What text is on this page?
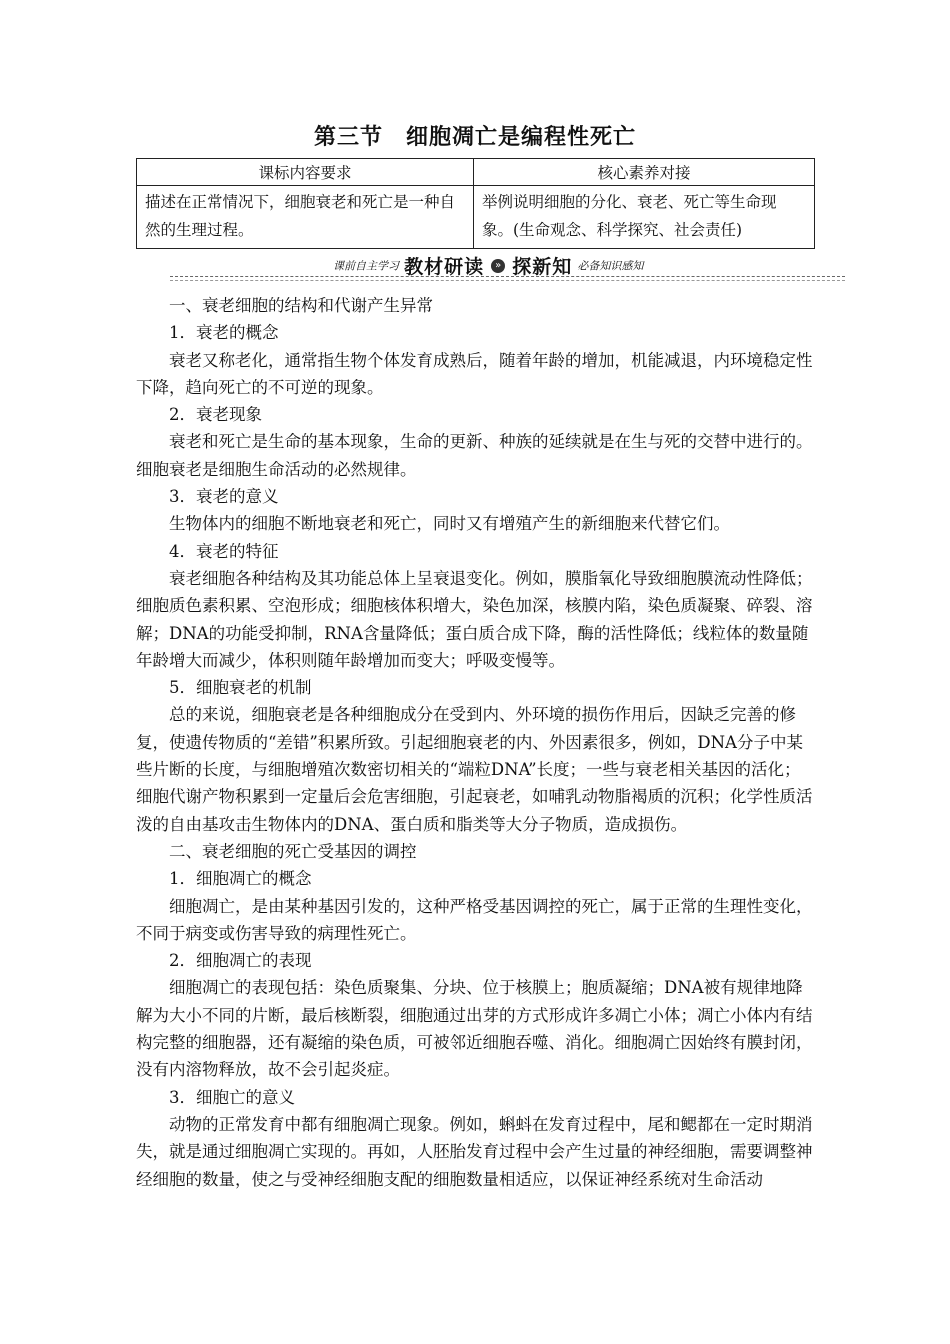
第三节　细胞凋亡是编程性死亡
课标内容要求	核心素养对接
描述在正常情况下，细胞衰老和死亡是一种自然的生理过程。	举例说明细胞的分化、衰老、死亡等生命现象。(生命观念、科学探究、社会责任)
课前自主学习 教材研读 » 探新知 必备知识感知

一、衰老细胞的结构和代谢产生异常

1．衰老的概念

衰老又称老化，通常指生物个体发育成熟后，随着年龄的增加，机能减退，内环境稳定性下降，趋向死亡的不可逆的现象。

2．衰老现象

衰老和死亡是生命的基本现象，生命的更新、种族的延续就是在生与死的交替中进行的。细胞衰老是细胞生命活动的必然规律。

3．衰老的意义

生物体内的细胞不断地衰老和死亡，同时又有增殖产生的新细胞来代替它们。

4．衰老的特征

衰老细胞各种结构及其功能总体上呈衰退变化。例如，膜脂氧化导致细胞膜流动性降低；细胞质色素积累、空泡形成；细胞核体积增大，染色加深，核膜内陷，染色质凝聚、碎裂、溶解；DNA的功能受抑制，RNA含量降低；蛋白质合成下降，酶的活性降低；线粒体的数量随年龄增大而减少，体积则随年龄增加而变大；呼吸变慢等。

5．细胞衰老的机制

总的来说，细胞衰老是各种细胞成分在受到内、外环境的损伤作用后，因缺乏完善的修复，使遗传物质的“差错”积累所致。引起细胞衰老的内、外因素很多，例如，DNA分子中某些片断的长度，与细胞增殖次数密切相关的“端粒DNA”长度；一些与衰老相关基因的活化；细胞代谢产物积累到一定量后会危害细胞，引起衰老，如哺乳动物脂褐质的沉积；化学性质活泼的自由基攻击生物体内的DNA、蛋白质和脂类等大分子物质，造成损伤。

二、衰老细胞的死亡受基因的调控

1．细胞凋亡的概念

细胞凋亡，是由某种基因引发的，这种严格受基因调控的死亡，属于正常的生理性变化，不同于病变或伤害导致的病理性死亡。

2．细胞凋亡的表现

细胞凋亡的表现包括：染色质聚集、分块、位于核膜上；胞质凝缩；DNA被有规律地降解为大小不同的片断，最后核断裂，细胞通过出芽的方式形成许多凋亡小体；凋亡小体内有结构完整的细胞器，还有凝缩的染色质，可被邻近细胞吞噬、消化。细胞凋亡因始终有膜封闭，没有内溶物释放，故不会引起炎症。

3．细胞亡的意义

动物的正常发育中都有细胞凋亡现象。例如，蝌蚪在发育过程中，尾和鳃都在一定时期消失，就是通过细胞凋亡实现的。再如，人胚胎发育过程中会产生过量的神经细胞，需要调整神经细胞的数量，使之与受神经细胞支配的细胞数量相适应，以保证神经系统对生命活动
